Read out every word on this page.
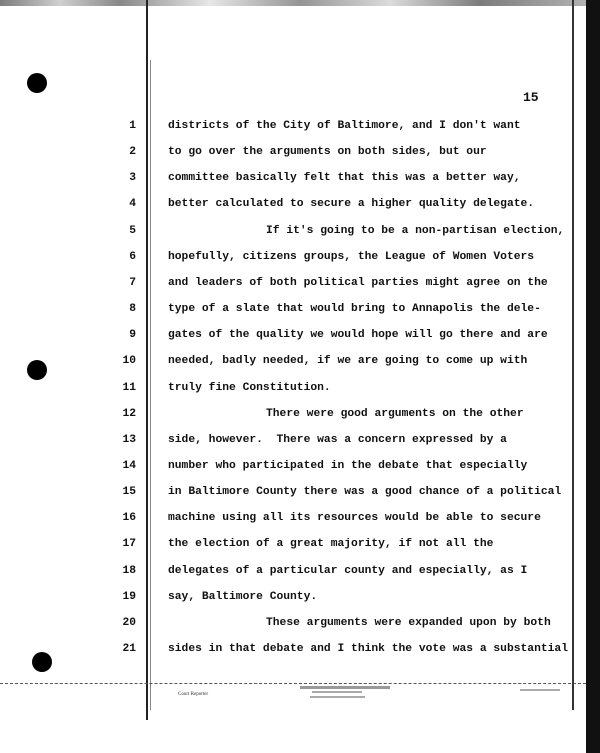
15
1	districts of the City of Baltimore, and I don't want
2	to go over the arguments on both sides, but our
3	committee basically felt that this was a better way,
4	better calculated to secure a higher quality delegate.
5	If it's going to be a non-partisan election,
6	hopefully, citizens groups, the League of Women Voters
7	and leaders of both political parties might agree on the
8	type of a slate that would bring to Annapolis the dele-
9	gates of the quality we would hope will go there and are
10	needed, badly needed, if we are going to come up with
11	truly fine Constitution.
12	There were good arguments on the other
13	side, however.  There was a concern expressed by a
14	number who participated in the debate that especially
15	in Baltimore County there was a good chance of a political
16	machine using all its resources would be able to secure
17	the election of a great majority, if not all the
18	delegates of a particular county and especially, as I
19	say, Baltimore County.
20	These arguments were expanded upon by both
21	sides in that debate and I think the vote was a substantial
Court Reporter
